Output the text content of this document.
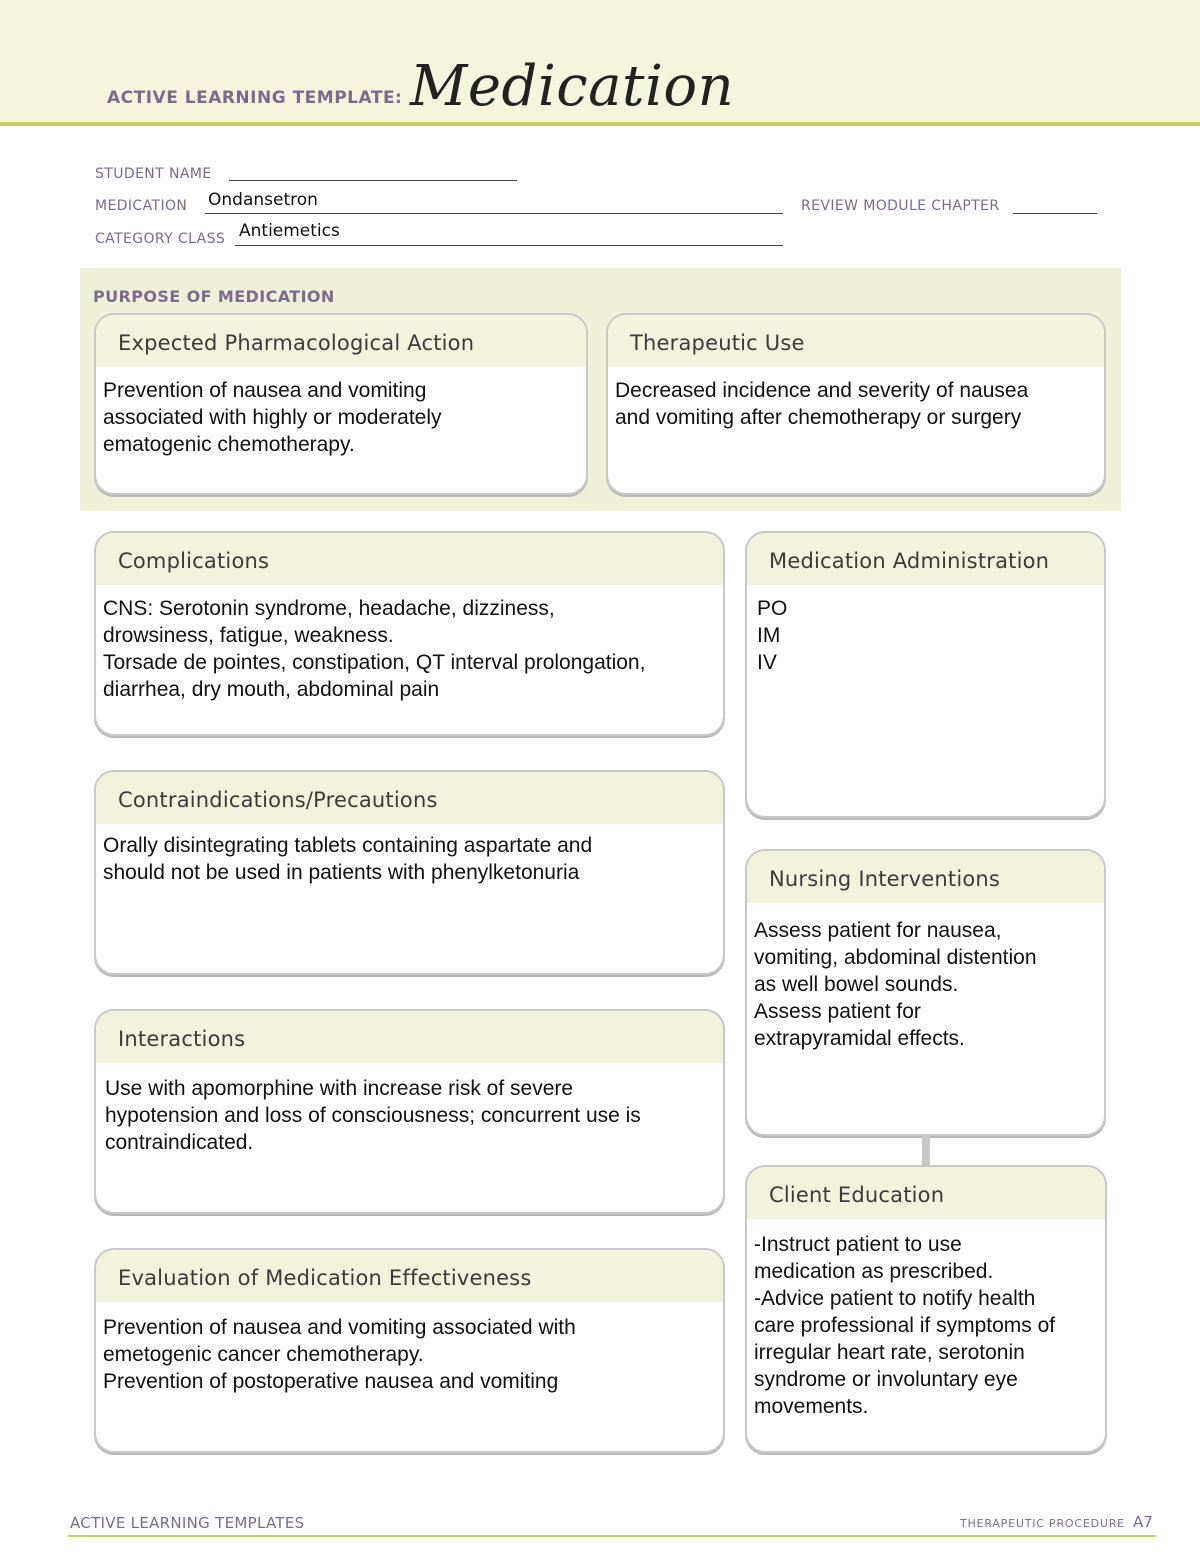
ACTIVE LEARNING TEMPLATE: Medication
STUDENT NAME
MEDICATION Ondansetron	REVIEW MODULE CHAPTER
CATEGORY CLASS Antiemetics
PURPOSE OF MEDICATION
Expected Pharmacological Action
Prevention of nausea and vomiting
associated with highly or moderately
ematogenic chemotherapy.
Therapeutic Use
Decreased incidence and severity of nausea
and vomiting after chemotherapy or surgery
Complications
CNS: Serotonin syndrome, headache, dizziness,
drowsiness, fatigue, weakness.
Torsade de pointes, constipation, QT interval prolongation,
diarrhea, dry mouth, abdominal pain
Medication Administration
PO
IM
IV
Contraindications/Precautions
Orally disintegrating tablets containing aspartate and
should not be used in patients with phenylketonuria	Nursing Interventions
Assess patient for nausea,
vomiting, abdominal distention
as well bowel sounds.
Assess patient for
extrapyramidal effects.
Interactions
Use with apomorphine with increase risk of severe
hypotension and loss of consciousness; concurrent use is
contraindicated.
Client Education
-Instruct patient to use
medication as prescribed.
-Advice patient to notify health
care professional if symptoms of
irregular heart rate, serotonin
syndrome or involuntary eye
movements.
Evaluation of Medication Effectiveness
Prevention of nausea and vomiting associated with
emetogenic cancer chemotherapy.
Prevention of postoperative nausea and vomiting
ACTIVE LEARNING TEMPLATES	THERAPEUTIC PROCEDURE A7
